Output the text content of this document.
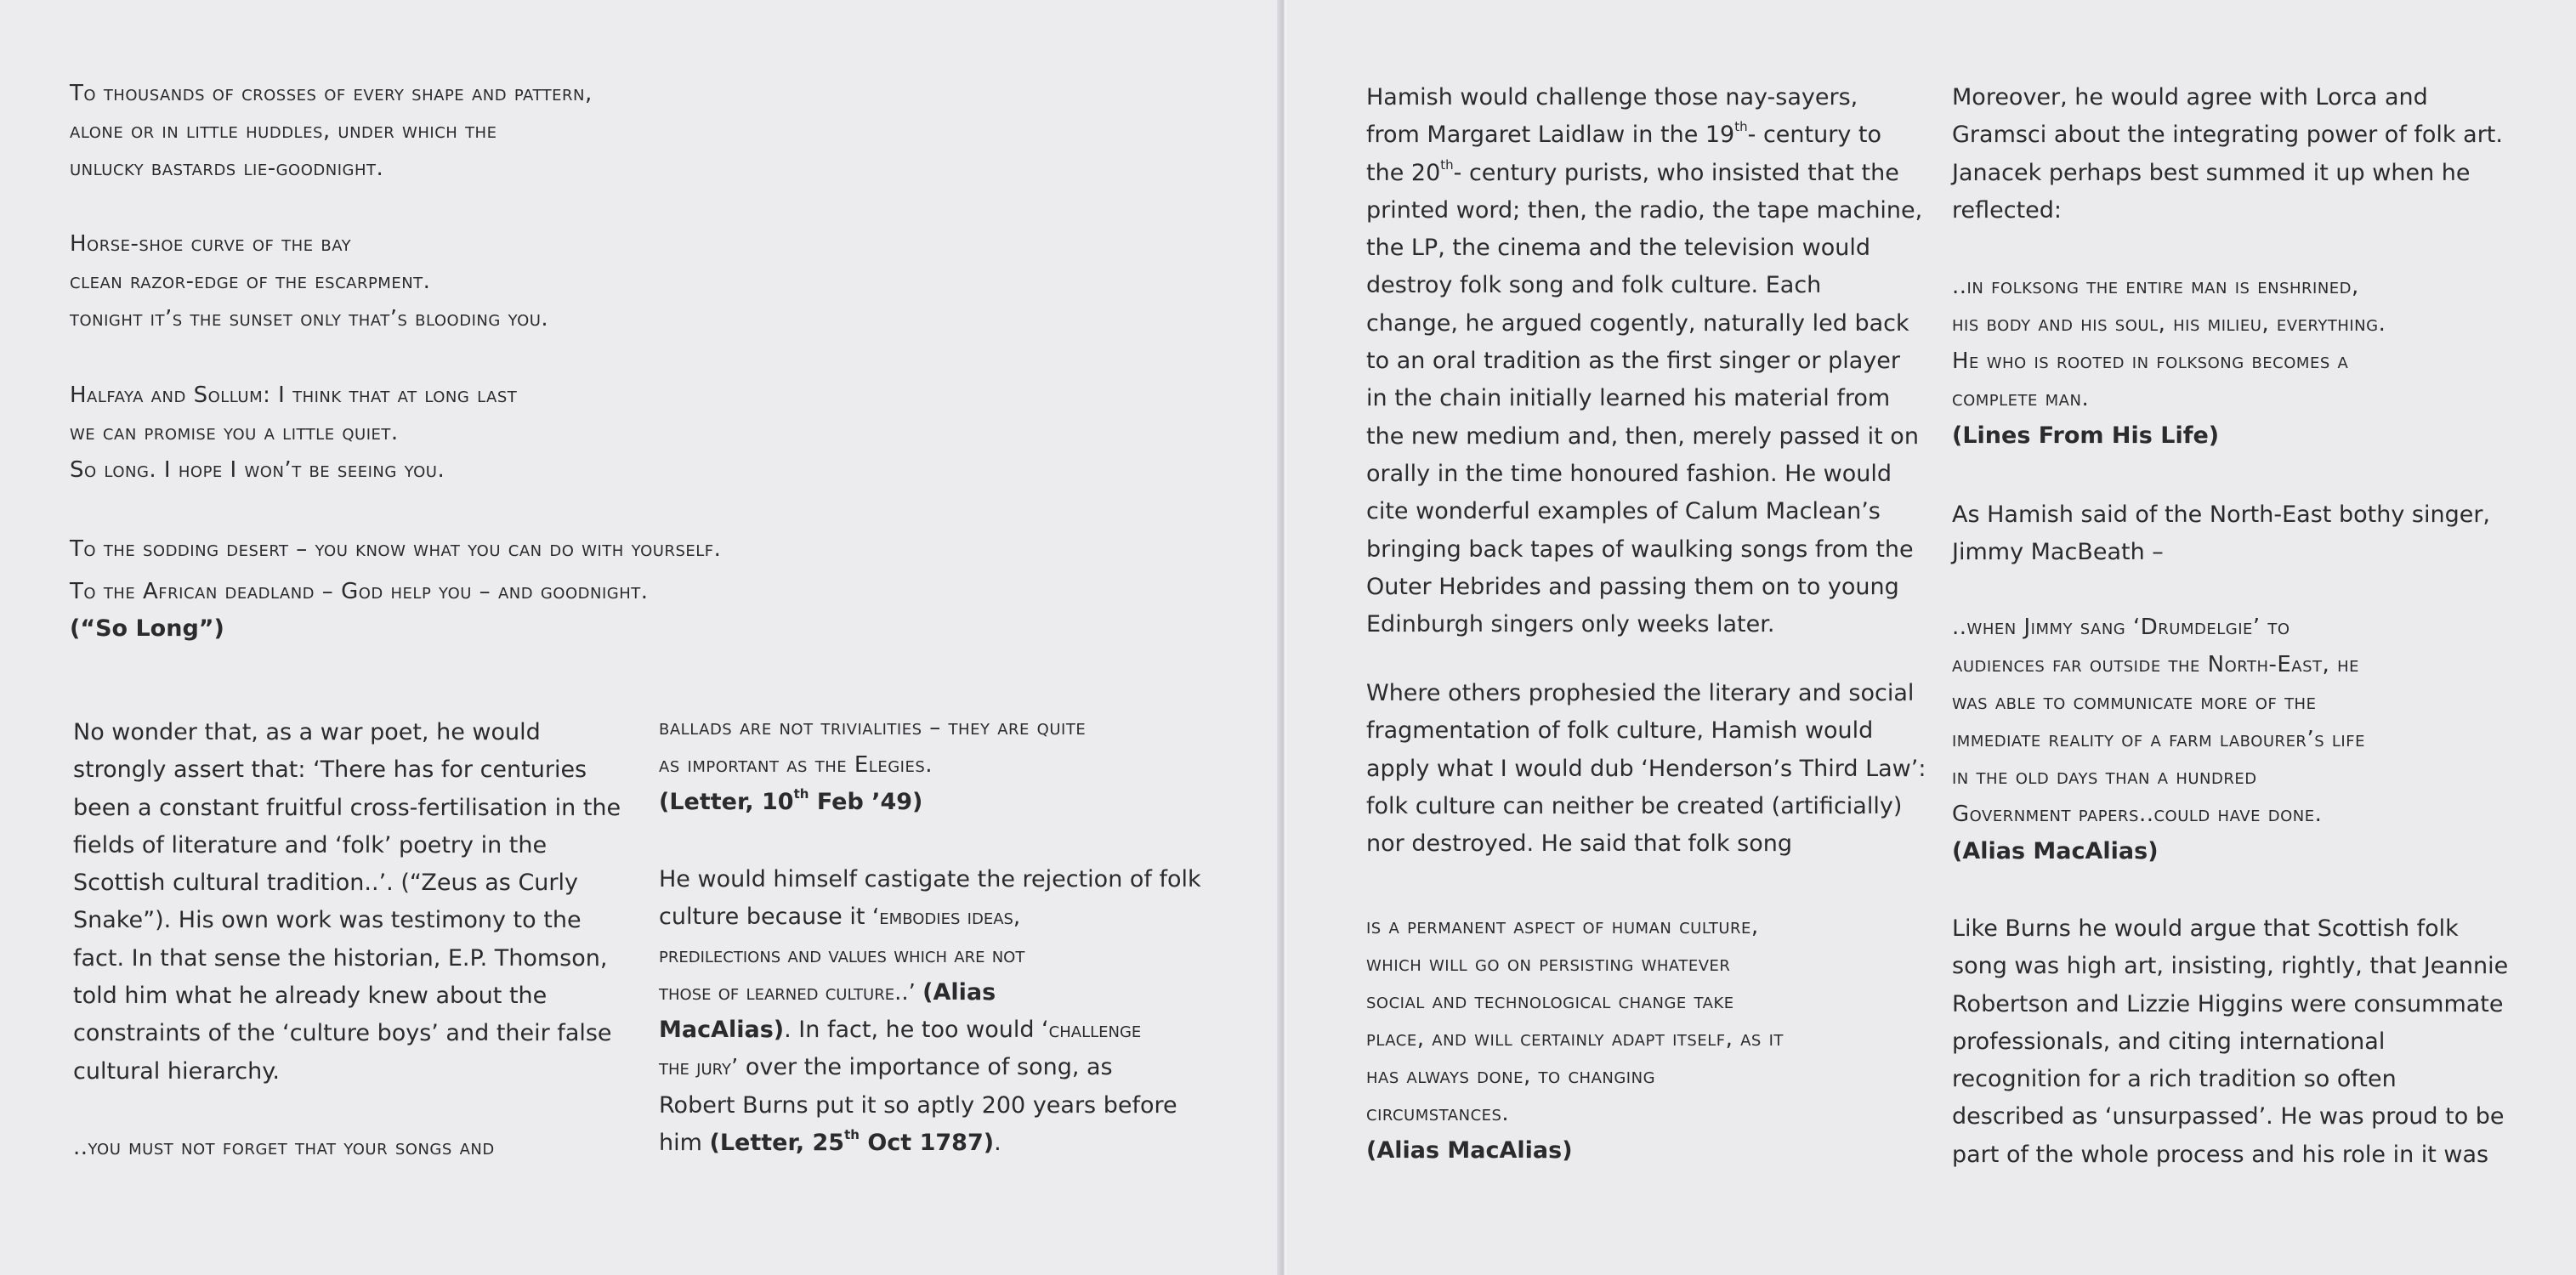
To thousands of crosses of every shape and pattern,
alone or in little huddles, under which the
unlucky bastards lie-goodnight.
Horse-shoe curve of the bay
clean razor-edge of the escarpment.
tonight it’s the sunset only that’s blooding you.
Halfaya and Sollum: I think that at long last
we can promise you a little quiet.
So long. I hope I won’t be seeing you.
To the sodding desert – you know what you can do with yourself.
To the African deadland – God help you – and goodnight.
(“So Long”)
No wonder that, as a war poet, he would
strongly assert that: ‘There has for centuries
been a constant fruitful cross-fertilisation in the
fields of literature and ‘folk’ poetry in the
Scottish cultural tradition..’. (“Zeus as Curly
Snake”). His own work was testimony to the
fact. In that sense the historian, E.P. Thomson,
told him what he already knew about the
constraints of the ‘culture boys’ and their false
cultural hierarchy.
..you must not forget that your songs and
ballads are not trivialities – they are quite
as important as the Elegies.
(Letter, 10th Feb ’49)
He would himself castigate the rejection of folk
culture because it ‘embodies ideas,
predilections and values which are not
those of learned culture..’ (Alias
MacAlias). In fact, he too would ‘challenge
the jury’ over the importance of song, as
Robert Burns put it so aptly 200 years before
him (Letter, 25th Oct 1787).
Hamish would challenge those nay-sayers,
from Margaret Laidlaw in the 19th- century to
the 20th- century purists, who insisted that the
printed word; then, the radio, the tape machine,
the LP, the cinema and the television would
destroy folk song and folk culture. Each
change, he argued cogently, naturally led back
to an oral tradition as the first singer or player
in the chain initially learned his material from
the new medium and, then, merely passed it on
orally in the time honoured fashion. He would
cite wonderful examples of Calum Maclean’s
bringing back tapes of waulking songs from the
Outer Hebrides and passing them on to young
Edinburgh singers only weeks later.
Where others prophesied the literary and social
fragmentation of folk culture, Hamish would
apply what I would dub ‘Henderson’s Third Law’:
folk culture can neither be created (artificially)
nor destroyed. He said that folk song
is a permanent aspect of human culture,
which will go on persisting whatever
social and technological change take
place, and will certainly adapt itself, as it
has always done, to changing
circumstances.
(Alias MacAlias)
Moreover, he would agree with Lorca and
Gramsci about the integrating power of folk art.
Janacek perhaps best summed it up when he
reflected:
..in folksong the entire man is enshrined,
his body and his soul, his milieu, everything.
He who is rooted in folksong becomes a
complete man.
(Lines From His Life)
As Hamish said of the North-East bothy singer,
Jimmy MacBeath –
..when Jimmy sang ‘Drumdelgie’ to
audiences far outside the North-East, he
was able to communicate more of the
immediate reality of a farm labourer’s life
in the old days than a hundred
Government papers..could have done.
(Alias MacAlias)
Like Burns he would argue that Scottish folk
song was high art, insisting, rightly, that Jeannie
Robertson and Lizzie Higgins were consummate
professionals, and citing international
recognition for a rich tradition so often
described as ‘unsurpassed’. He was proud to be
part of the whole process and his role in it was
